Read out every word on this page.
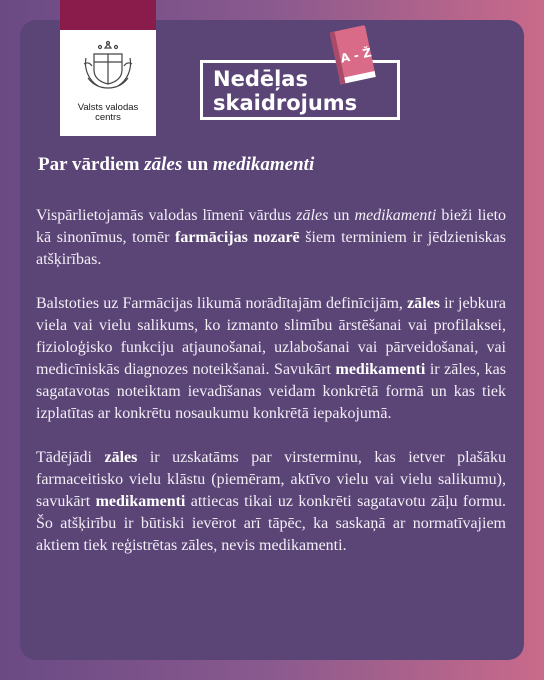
Valsts valodas
centrs
Nedēļas
skaidrojums
A - Ž
Par vārdiem zāles un medikamenti

Vispārlietojamās valodas līmenī vārdus zāles un medikamenti bieži lieto kā sinonīmus, tomēr farmācijas nozarē šiem terminiem ir jēdzieniskas atšķirības.

Balstoties uz Farmācijas likumā norādītajām definīcijām, zāles ir jebkura viela vai vielu salikums, ko izmanto slimību ārstēšanai vai profilaksei, fizioloģisko funkciju atjaunošanai, uzlabošanai vai pārveidošanai, vai medicīniskās diagnozes noteikšanai. Savukārt medikamenti ir zāles, kas sagatavotas noteiktam ievadīšanas veidam konkrētā formā un kas tiek izplatītas ar konkrētu nosaukumu konkrētā iepakojumā.

Tādējādi zāles ir uzskatāms par virsterminu, kas ietver plašāku farmaceitisko vielu klāstu (piemēram, aktīvo vielu vai vielu salikumu), savukārt medikamenti attiecas tikai uz konkrēti sagatavotu zāļu formu. Šo atšķirību ir būtiski ievērot arī tāpēc, ka saskaņā ar normatīvajiem aktiem tiek reģistrētas zāles, nevis medikamenti.
